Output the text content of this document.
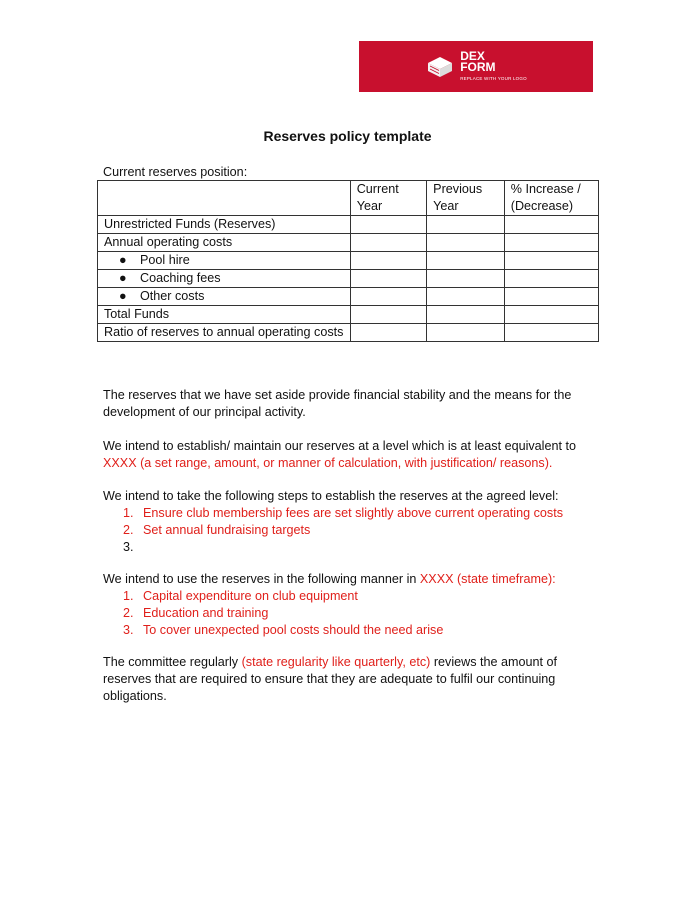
DEX
FORM
REPLACE WITH YOUR LOGO
Reserves policy template
Current reserves position:
	Current Year	Previous Year	% Increase / (Decrease)
Unrestricted Funds (Reserves)			
Annual operating costs			
● Pool hire			
● Coaching fees			
● Other costs			
Total Funds			
Ratio of reserves to annual operating costs			
The reserves that we have set aside provide financial stability and the means for the development of our principal activity.
We intend to establish/ maintain our reserves at a level which is at least equivalent to XXXX (a set range, amount, or manner of calculation, with justification/ reasons).
We intend to take the following steps to establish the reserves at the agreed level:
1. Ensure club membership fees are set slightly above current operating costs
2. Set annual fundraising targets
3.
We intend to use the reserves in the following manner in XXXX (state timeframe):
1. Capital expenditure on club equipment
2. Education and training
3. To cover unexpected pool costs should the need arise
The committee regularly (state regularity like quarterly, etc) reviews the amount of reserves that are required to ensure that they are adequate to fulfil our continuing obligations.
